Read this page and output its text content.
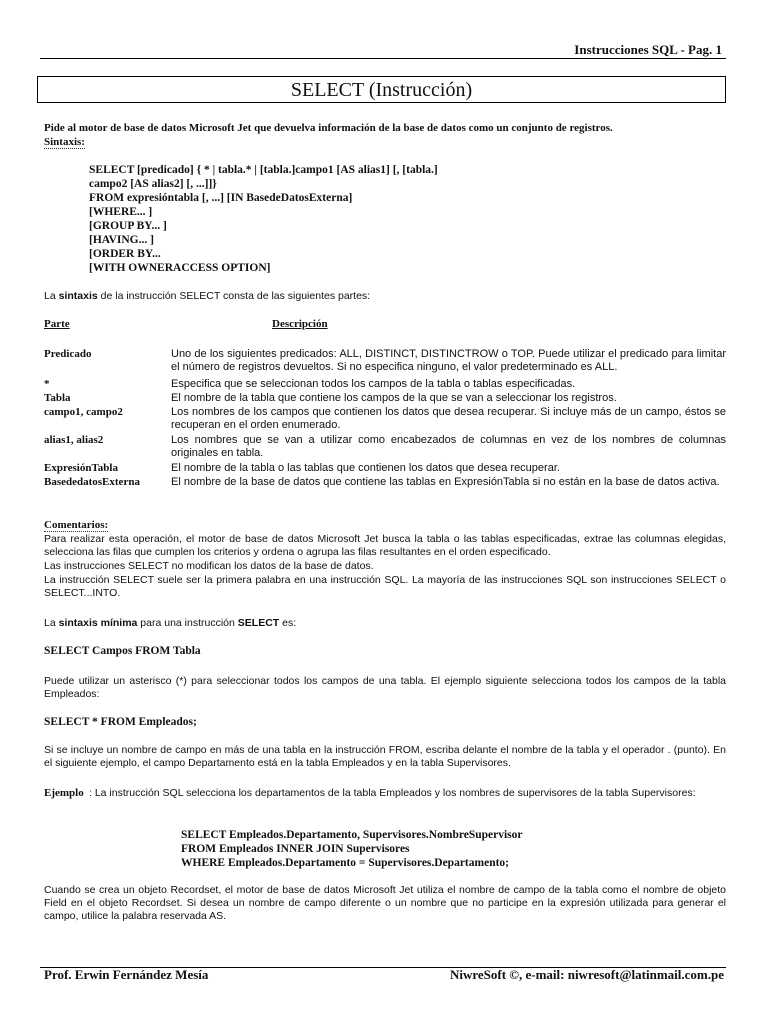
Instrucciones SQL - Pag. 1
SELECT (Instrucción)
Pide al motor de base de datos Microsoft Jet que devuelva información de la base de datos como un conjunto de registros.
Sintaxis:
SELECT [predicado] { * | tabla.* | [tabla.]campo1 [AS alias1] [, [tabla.]
campo2 [AS alias2] [, ...]]}
FROM expresióntabla [, ...] [IN BasedeDatosExterna]
[WHERE... ]
[GROUP BY... ]
[HAVING... ]
[ORDER BY...
[WITH OWNERACCESS OPTION]
La sintaxis de la instrucción SELECT consta de las siguientes partes:
Parte	Descripción
Predicado	Uno de los siguientes predicados: ALL, DISTINCT, DISTINCTROW o TOP. Puede utilizar el predicado para limitar el número de registros devueltos. Si no especifica ninguno, el valor predeterminado es ALL.
*	Especifica que se seleccionan todos los campos de la tabla o tablas especificadas.
Tabla	El nombre de la tabla que contiene los campos de la que se van a seleccionar los registros.
campo1, campo2	Los nombres de los campos que contienen los datos que desea recuperar. Si incluye más de un campo, éstos se recuperan en el orden enumerado.
alias1, alias2	Los nombres que se van a utilizar como encabezados de columnas en vez de los nombres de columnas originales en tabla.
ExpresiónTabla	El nombre de la tabla o las tablas que contienen los datos que desea recuperar.
BasededatosExterna	El nombre de la base de datos que contiene las tablas en ExpresiónTabla si no están en la base de datos activa.
Comentarios:
Para realizar esta operación, el motor de base de datos Microsoft Jet busca la tabla o las tablas especificadas, extrae las columnas elegidas, selecciona las filas que cumplen los criterios y ordena o agrupa las filas resultantes en el orden especificado.
Las instrucciones SELECT no modifican los datos de la base de datos.
La instrucción SELECT suele ser la primera palabra en una instrucción SQL. La mayoría de las instrucciones SQL son instrucciones SELECT o SELECT...INTO.
La sintaxis mínima para una instrucción SELECT es:
SELECT Campos FROM Tabla
Puede utilizar un asterisco (*) para seleccionar todos los campos de una tabla. El ejemplo siguiente selecciona todos los campos de la tabla Empleados:
SELECT * FROM Empleados;
Si se incluye un nombre de campo en más de una tabla en la instrucción FROM, escriba delante el nombre de la tabla y el operador . (punto). En el siguiente ejemplo, el campo Departamento está en la tabla Empleados y en la tabla Supervisores.
Ejemplo : La instrucción SQL selecciona los departamentos de la tabla Empleados y los nombres de supervisores de la tabla Supervisores:
SELECT Empleados.Departamento, Supervisores.NombreSupervisor
FROM Empleados INNER JOIN Supervisores
WHERE Empleados.Departamento = Supervisores.Departamento;
Cuando se crea un objeto Recordset, el motor de base de datos Microsoft Jet utiliza el nombre de campo de la tabla como el nombre de objeto Field en el objeto Recordset. Si desea un nombre de campo diferente o un nombre que no participe en la expresión utilizada para generar el campo, utilice la palabra reservada AS.
Prof. Erwin Fernández Mesía	NiwreSoft ©, e-mail: niwresoft@latinmail.com.pe
